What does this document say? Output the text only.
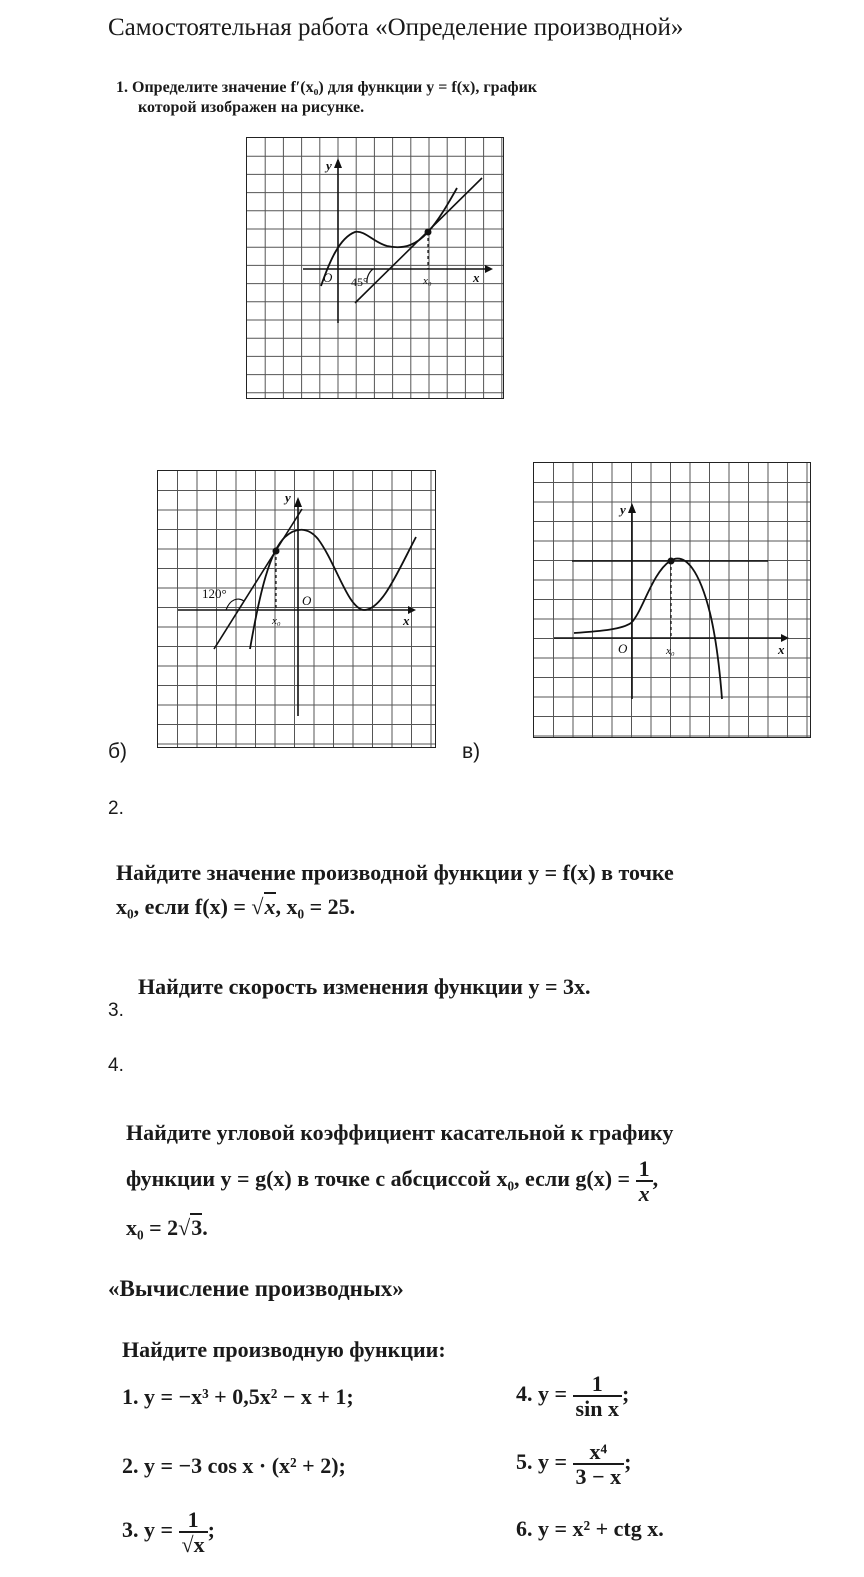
Самостоятельная работа «Определение производной»
1. Определите значение f′(x₀) для функции y = f(x), график
которой изображен на рисунке.
y
x
O 45°	x₀
y
x
O
120°
x₀
б)
y
x
O	x₀
в)
2.
Найдите значение производной функции y = f(x) в точке
x₀, если f(x) = √x, x₀ = 25.
Найдите скорость изменения функции y = 3x.
3.
4.
Найдите угловой коэффициент касательной к графику
функции y = g(x) в точке с абсциссой x₀, если $g(x) = \frac{1}{x}$ ,
x₀ = 2√3.
«Вычисление производных»
Найдите производную функции:
1. y = −x³ + 0,5x² − x + 1;
2. y = −3 cos x · (x² + 2);
3. $y = \frac{1}{√x}$ ;
4. $y = \frac{1}{\text{sin x}}$ ;
5. $y = \frac{\text{x⁴}}{3 - x}$ ;
6. y = x² + ctg x.
